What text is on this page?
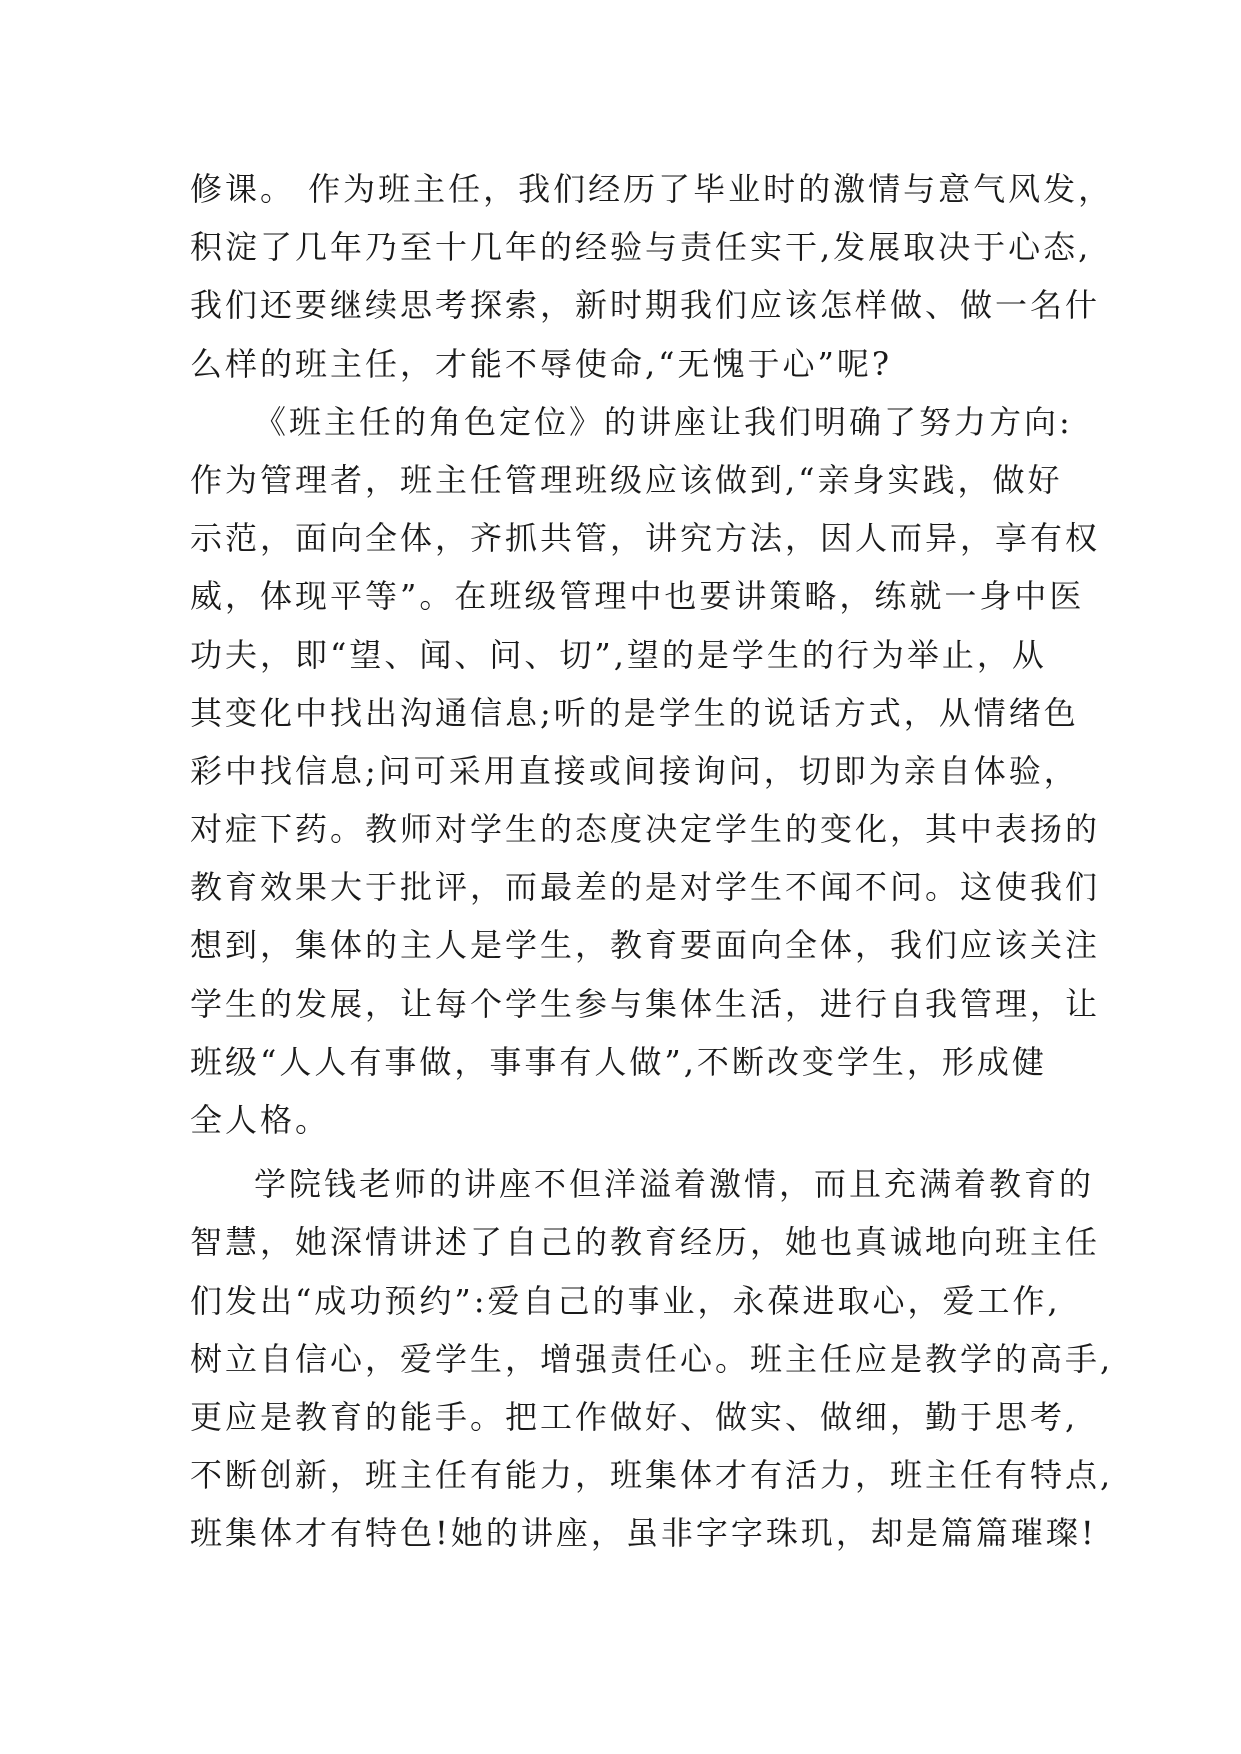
修课。 作为班主任，我们经历了毕业时的激情与意气风发，
积淀了几年乃至十几年的经验与责任实干,发展取决于心态,
我们还要继续思考探索，新时期我们应该怎样做、做一名什
么样的班主任，才能不辱使命,“无愧于心”呢?
《班主任的角色定位》的讲座让我们明确了努力方向:
作为管理者，班主任管理班级应该做到,“亲身实践，做好
示范，面向全体，齐抓共管，讲究方法，因人而异，享有权
威，体现平等”。在班级管理中也要讲策略，练就一身中医
功夫，即“望、闻、问、切”,望的是学生的行为举止，从
其变化中找出沟通信息;听的是学生的说话方式，从情绪色
彩中找信息;问可采用直接或间接询问，切即为亲自体验，
对症下药。教师对学生的态度决定学生的变化，其中表扬的
教育效果大于批评，而最差的是对学生不闻不问。这使我们
想到，集体的主人是学生，教育要面向全体，我们应该关注
学生的发展，让每个学生参与集体生活，进行自我管理，让
班级“人人有事做，事事有人做”,不断改变学生，形成健
全人格。
学院钱老师的讲座不但洋溢着激情，而且充满着教育的
智慧，她深情讲述了自己的教育经历，她也真诚地向班主任
们发出“成功预约”:爱自己的事业，永葆进取心，爱工作,
树立自信心，爱学生，增强责任心。班主任应是教学的高手,
更应是教育的能手。把工作做好、做实、做细，勤于思考,
不断创新，班主任有能力，班集体才有活力，班主任有特点,
班集体才有特色!她的讲座，虽非字字珠玑，却是篇篇璀璨!
